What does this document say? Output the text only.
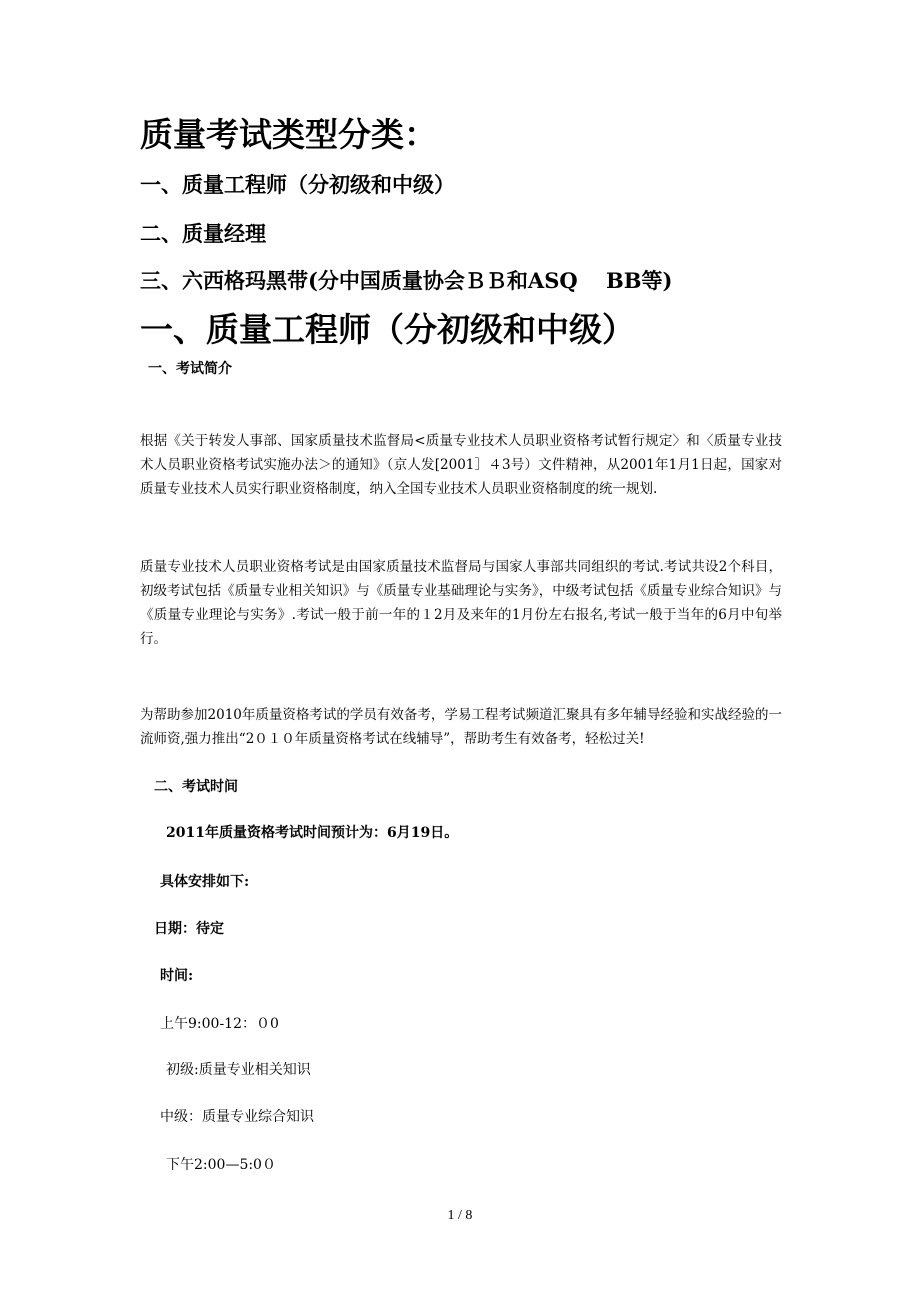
质量考试类型分类：
一、质量工程师（分初级和中级）
二、质量经理
三、六西格玛黑带(分中国质量协会ＢＢ和ASQ　 BB等)
一、质量工程师（分初级和中级）
一、考试简介

根据《关于转发人事部、国家质量技术监督局<质量专业技术人员职业资格考试暂行规定〉和〈质量专业技术人员职业资格考试实施办法＞的通知》（京人发[2001］４3号）文件精神，从2001年1月1日起，国家对质量专业技术人员实行职业资格制度，纳入全国专业技术人员职业资格制度的统一规划.

质量专业技术人员职业资格考试是由国家质量技术监督局与国家人事部共同组织的考试.考试共设2个科目，初级考试包括《质量专业相关知识》与《质量专业基础理论与实务》，中级考试包括《质量专业综合知识》与《质量专业理论与实务》.考试一般于前一年的１2月及来年的1月份左右报名,考试一般于当年的6月中旬举行。

为帮助参加2010年质量资格考试的学员有效备考，学易工程考试频道汇聚具有多年辅导经验和实战经验的一流师资,强力推出“2０１０年质量资格考试在线辅导”，帮助考生有效备考，轻松过关!

二、考试时间
2011年质量资格考试时间预计为：6月19日。
具体安排如下:
日期：待定
时间:
上午9:00-12：０0
初级:质量专业相关知识
中级：质量专业综合知识
下午2:00—5:0０
1 / 8
